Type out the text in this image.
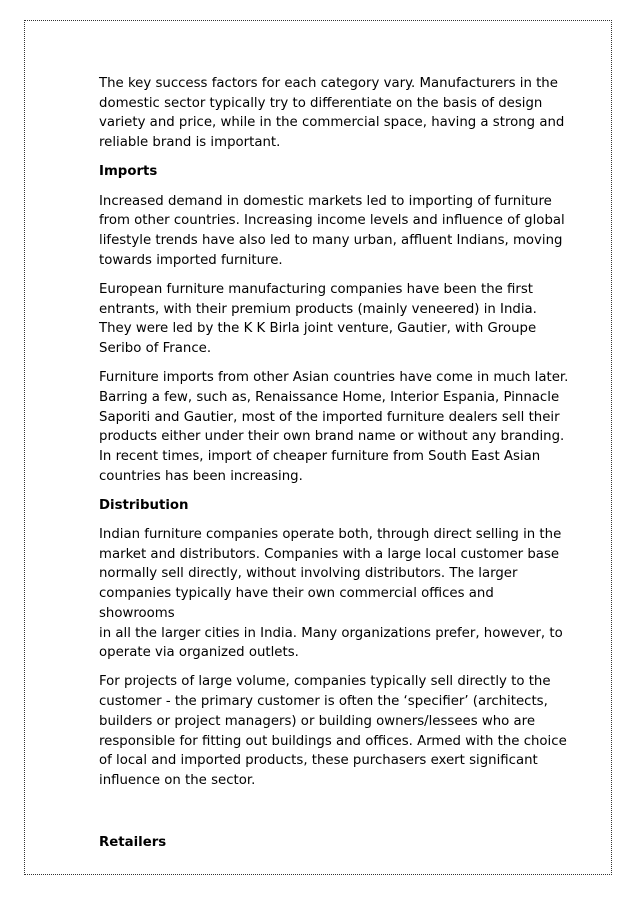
The key success factors for each category vary. Manufacturers in the
domestic sector typically try to differentiate on the basis of design
variety and price, while in the commercial space, having a strong and
reliable brand is important.

Imports

Increased demand in domestic markets led to importing of furniture
from other countries. Increasing income levels and influence of global
lifestyle trends have also led to many urban, affluent Indians, moving
towards imported furniture.

European furniture manufacturing companies have been the first
entrants, with their premium products (mainly veneered) in India.
They were led by the K K Birla joint venture, Gautier, with Groupe
Seribo of France.

Furniture imports from other Asian countries have come in much later.
Barring a few, such as, Renaissance Home, Interior Espania, Pinnacle
Saporiti and Gautier, most of the imported furniture dealers sell their
products either under their own brand name or without any branding.
In recent times, import of cheaper furniture from South East Asian
countries has been increasing.

Distribution

Indian furniture companies operate both, through direct selling in the
market and distributors. Companies with a large local customer base
normally sell directly, without involving distributors. The larger
companies typically have their own commercial offices and showrooms
in all the larger cities in India. Many organizations prefer, however, to
operate via organized outlets.

For projects of large volume, companies typically sell directly to the
customer - the primary customer is often the ‘specifier’ (architects,
builders or project managers) or building owners/lessees who are
responsible for fitting out buildings and offices. Armed with the choice
of local and imported products, these purchasers exert significant
influence on the sector.

Retailers
